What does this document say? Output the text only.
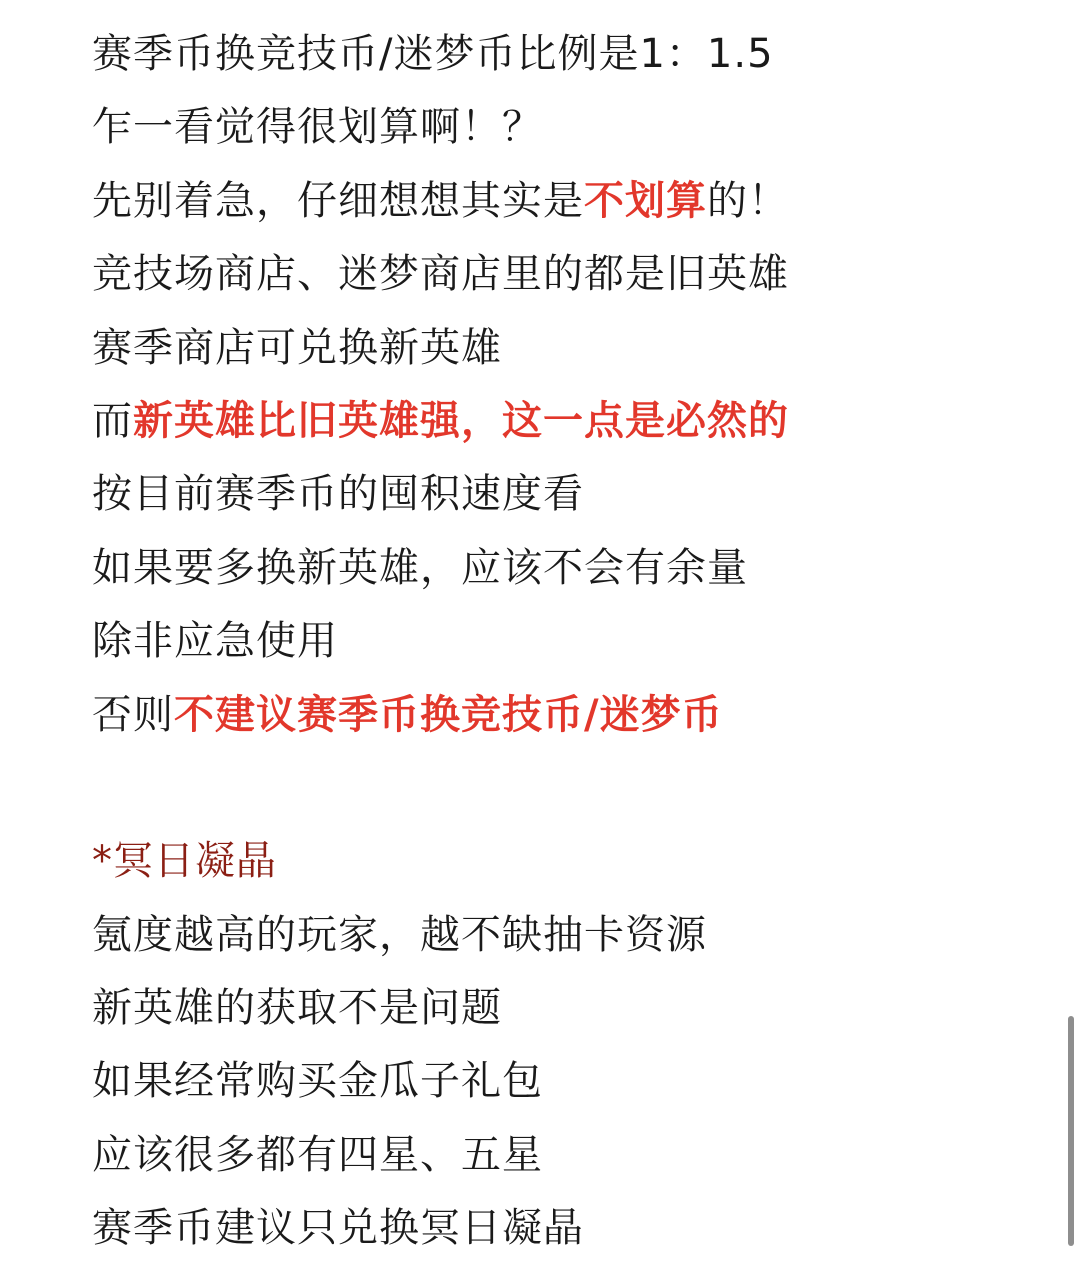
赛季币换竞技币/迷梦币比例是1：1.5
乍一看觉得很划算啊！？
先别着急，仔细想想其实是不划算的！
竞技场商店、迷梦商店里的都是旧英雄
赛季商店可兑换新英雄
而新英雄比旧英雄强，这一点是必然的
按目前赛季币的囤积速度看
如果要多换新英雄，应该不会有余量
除非应急使用
否则不建议赛季币换竞技币/迷梦币
*冥日凝晶
氪度越高的玩家，越不缺抽卡资源
新英雄的获取不是问题
如果经常购买金瓜子礼包
应该很多都有四星、五星
赛季币建议只兑换冥日凝晶
